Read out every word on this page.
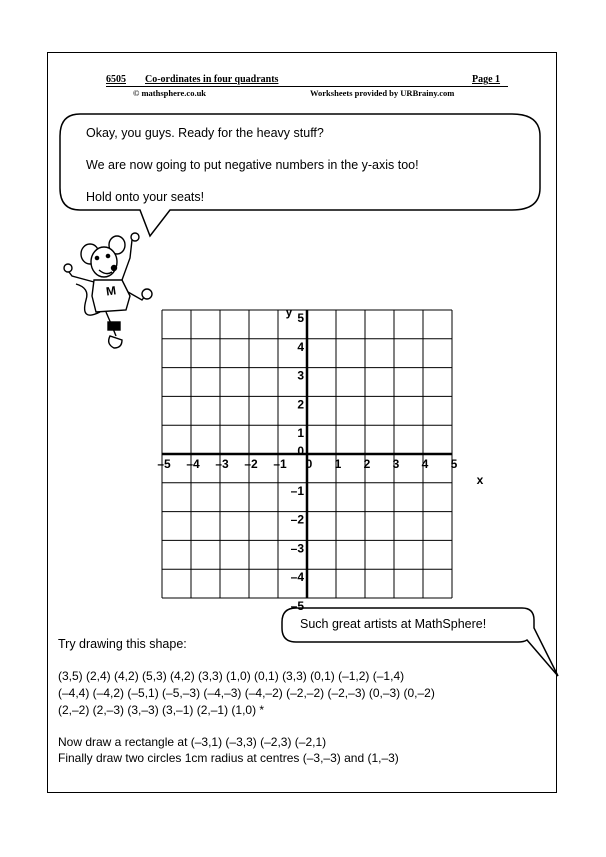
6505 Co-ordinates in four quadrants	Page 1
© mathsphere.co.uk	Worksheets provided by URBrainy.com
–5 –4 –3 –2 –1 0 1 2 3 4 5
5
4
3
2
1
–1
–2
–3
–4
–5
0
y
x
M
Okay, you guys. Ready for the heavy stuff?
We are now going to put negative numbers in the y-axis too!
Hold onto your seats!
Such great artists at MathSphere!
Try drawing this shape:
(3,5) (2,4) (4,2) (5,3) (4,2) (3,3) (1,0) (0,1) (3,3) (0,1) (–1,2) (–1,4)
(–4,4) (–4,2) (–5,1) (–5,–3) (–4,–3) (–4,–2) (–2,–2) (–2,–3) (0,–3) (0,–2)
(2,–2) (2,–3) (3,–3) (3,–1) (2,–1) (1,0) *
Now draw a rectangle at (–3,1) (–3,3) (–2,3) (–2,1)
Finally draw two circles 1cm radius at centres (–3,–3) and (1,–3)
